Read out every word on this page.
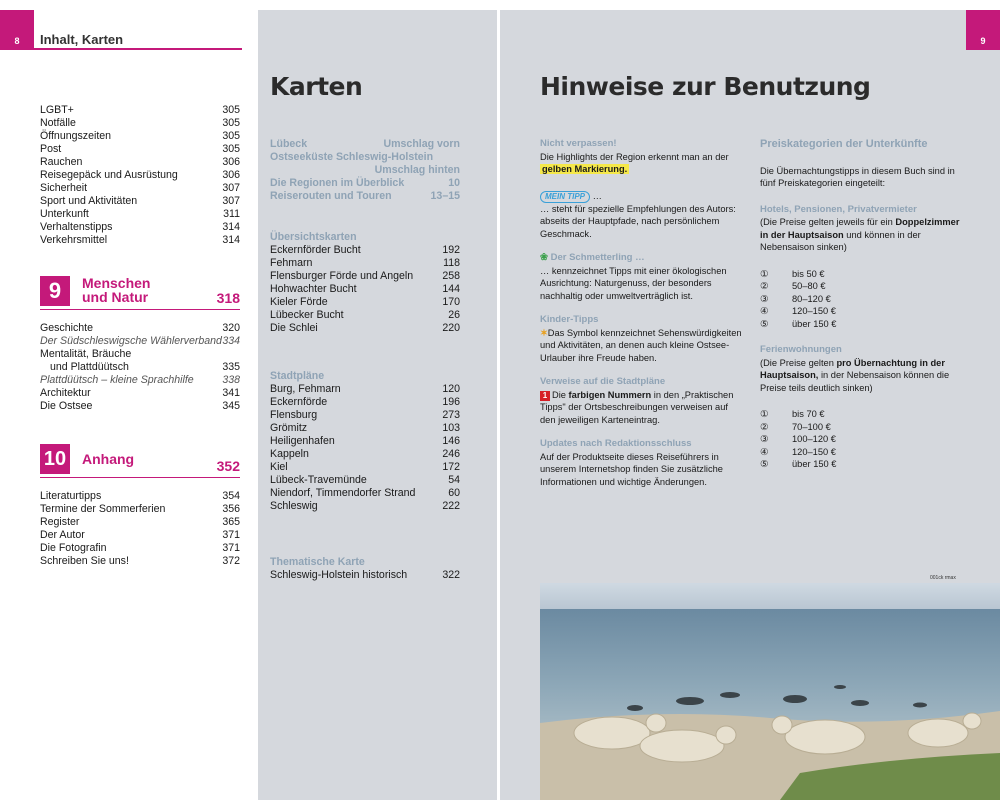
8 Inhalt, Karten
LGBT+	305
Notfälle	305
Öffnungszeiten	305
Post	305
Rauchen	306
Reisegepäck und Ausrüstung	306
Sicherheit	307
Sport und Aktivitäten	307
Unterkunft	311
Verhaltenstipps	314
Verkehrsmittel	314
9	Menschen
und Natur	318
Geschichte	320
Der Südschleswigsche Wählerverband 334
Mentalität, Bräuche
und Plattdüütsch	335
Plattdüütsch – kleine Sprachhilfe	338
Architektur	341
Die Ostsee	345
10 Anhang	352
Literaturtipps	354
Termine der Sommerferien	356
Register	365
Der Autor	371
Die Fotografin	371
Schreiben Sie uns!	372
Karten
Lübeck	Umschlag vorn
Ostseeküste Schleswig-Holstein
Umschlag hinten
Die Regionen im Überblick	10
Reiserouten und Touren	13–15
Übersichtskarten
Eckernförder Bucht	192
Fehmarn	118
Flensburger Förde und Angeln	258
Hohwachter Bucht	144
Kieler Förde	170
Lübecker Bucht	26
Die Schlei	220
Stadtpläne
Burg, Fehmarn	120
Eckernförde	196
Flensburg	273
Grömitz	103
Heiligenhafen	146
Kappeln	246
Kiel	172
Lübeck-Travemünde	54
Niendorf, Timmendorfer Strand	60
Schleswig	222
Thematische Karte
Schleswig-Holstein historisch	322
9
Hinweise zur Benutzung
Nicht verpassen!
Die Highlights der Region erkennt man an der gelben Markierung.
MEIN TIPP …
… steht für spezielle Empfehlungen des Autors: abseits der Hauptpfade, nach persönlichem Geschmack.
❀ Der Schmetterling …
… kennzeichnet Tipps mit einer ökologischen Ausrichtung: Naturgenuss, der besonders nachhaltig oder umweltverträglich ist.
Kinder-Tipps
✶Das Symbol kennzeichnet Sehenswürdigkeiten und Aktivitäten, an denen auch kleine Ostsee-Urlauber ihre Freude haben.
Verweise auf die Stadtpläne
1 Die farbigen Nummern in den „Praktischen Tipps" der Ortsbeschreibungen verweisen auf den jeweiligen Karteneintrag.
Updates nach Redaktionsschluss
Auf der Produktseite dieses Reiseführers in unserem Internetshop finden Sie zusätzliche Informationen und wichtige Änderungen.
Preiskategorien der Unterkünfte
Die Übernachtungstipps in diesem Buch sind in fünf Preiskategorien eingeteilt:
Hotels, Pensionen, Privatvermieter
(Die Preise gelten jeweils für ein Doppelzimmer in der Hauptsaison und können in der Nebensaison sinken)
①	bis 50 €
②	50–80 €
③	80–120 €
④	120–150 €
⑤	über 150 €
Ferienwohnungen
(Die Preise gelten pro Übernachtung in der Hauptsaison, in der Nebensaison können die Preise teils deutlich sinken)
①	bis 70 €
②	70–100 €
③	100–120 €
④	120–150 €
⑤	über 150 €
001ck rmax
